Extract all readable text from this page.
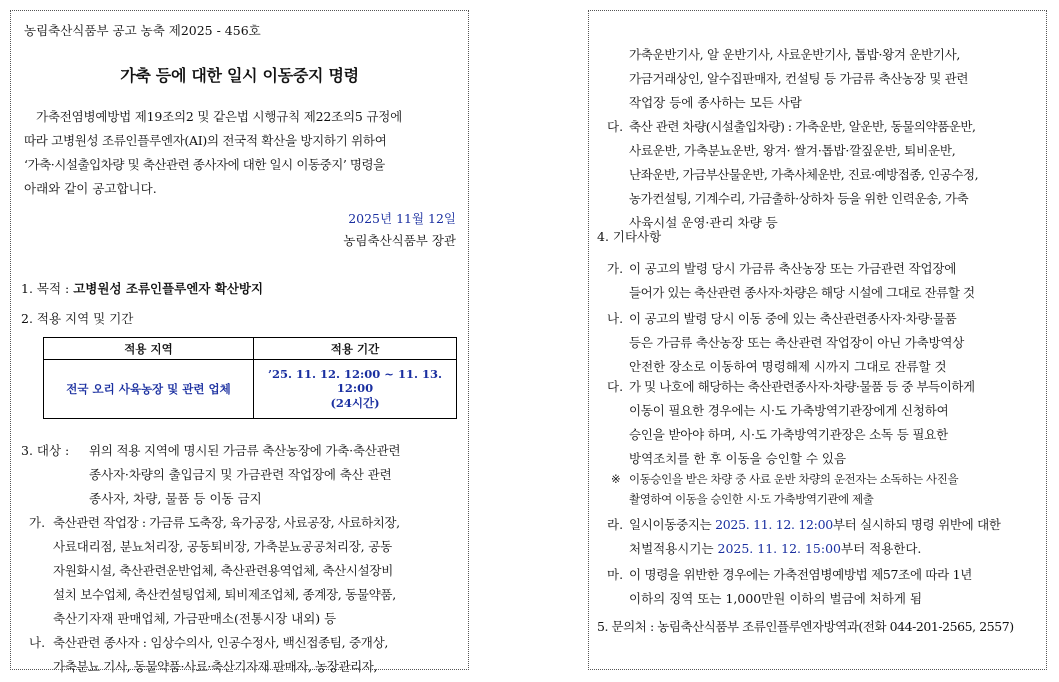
농림축산식품부 공고 농축 제2025 - 456호

가축 등에 대한 일시 이동중지 명령

가축전염병예방법 제19조의2 및 같은법 시행규칙 제22조의5 규정에
따라 고병원성 조류인플루엔자(AI)의 전국적 확산을 방지하기 위하여
‘가축·시설출입차량 및 축산관련 종사자에 대한 일시 이동중지’ 명령을
아래와 같이 공고합니다.

2025년 11월 12일

농림축산식품부 장관

1. 목적 : 고병원성 조류인플루엔자 확산방지

2. 적용 지역 및 기간

적용 지역	적용 기간
전국 오리 사육농장 및 관련 업체	’25. 11. 12. 12:00 ~ 11. 13. 12:00
(24시간)

3. 대상 : 위의 적용 지역에 명시된 가금류 축산농장에 가축·축산관련
종사자·차량의 출입금지 및 가금관련 작업장에 축산 관련
종사자, 차량, 물품 등 이동 금지

가. 축산관련 작업장 : 가금류 도축장, 육가공장, 사료공장, 사료하치장,
사료대리점, 분뇨처리장, 공동퇴비장, 가축분뇨공공처리장, 공동
자원화시설, 축산관련운반업체, 축산관련용역업체, 축산시설장비
설치 보수업체, 축산컨설팅업체, 퇴비제조업체, 종계장, 동물약품,
축산기자재 판매업체, 가금판매소(전통시장 내외) 등

나. 축산관련 종사자 : 임상수의사, 인공수정사, 백신접종팀, 중개상,
가축분뇨 기사, 동물약품·사료·축산기자재 판매자, 농장관리자,
가축운반기사, 알 운반기사, 사료운반기사, 톱밥·왕겨 운반기사,
가금거래상인, 알수집판매자, 컨설팅 등 가금류 축산농장 및 관련
작업장 등에 종사하는 모든 사람

다. 축산 관련 차량(시설출입차량) : 가축운반, 알운반, 동물의약품운반,
사료운반, 가축분뇨운반, 왕겨· 쌀겨·톱밥·깔짚운반, 퇴비운반,
난좌운반, 가금부산물운반, 가축사체운반, 진료·예방접종, 인공수정,
농가컨설팅, 기계수리, 가금출하·상하차 등을 위한 인력운송, 가축
사육시설 운영·관리 차량 등

4. 기타사항

가. 이 공고의 발령 당시 가금류 축산농장 또는 가금관련 작업장에
들어가 있는 축산관련 종사자·차량은 해당 시설에 그대로 잔류할 것

나. 이 공고의 발령 당시 이동 중에 있는 축산관련종사자·차량·물품
등은 가금류 축산농장 또는 축산관련 작업장이 아닌 가축방역상
안전한 장소로 이동하여 명령해제 시까지 그대로 잔류할 것

다. 가 및 나호에 해당하는 축산관련종사자·차량·물품 등 중 부득이하게
이동이 필요한 경우에는 시·도 가축방역기관장에게 신청하여
승인을 받아야 하며, 시·도 가축방역기관장은 소독 등 필요한
방역조치를 한 후 이동을 승인할 수 있음

※ 이동승인을 받은 차량 중 사료 운반 차량의 운전자는 소독하는 사진을
촬영하여 이동을 승인한 시·도 가축방역기관에 제출

라. 일시이동중지는 2025. 11. 12. 12:00부터 실시하되 명령 위반에 대한
처벌적용시기는 2025. 11. 12. 15:00부터 적용한다.

마. 이 명령을 위반한 경우에는 가축전염병예방법 제57조에 따라 1년
이하의 징역 또는 1,000만원 이하의 벌금에 처하게 됨

5. 문의처 : 농림축산식품부 조류인플루엔자방역과(전화 044-201-2565, 2557)
